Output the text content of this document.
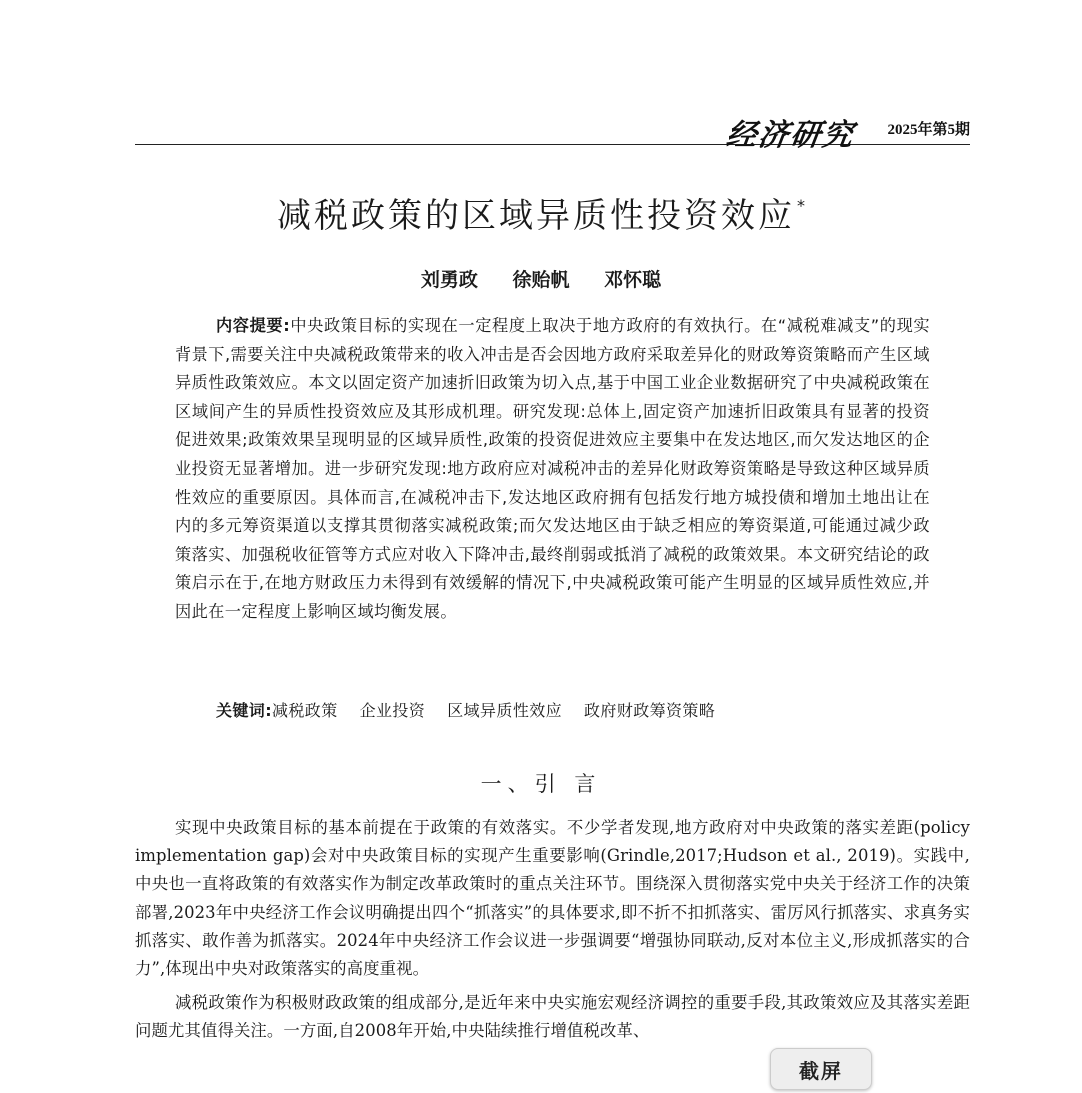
经济研究 2025年第5期
减税政策的区域异质性投资效应 *
刘勇政 徐贻帆 邓怀聪

内容提要:中央政策目标的实现在一定程度上取决于地方政府的有效执行。在“减税难减支”的现实背景下,需要关注中央减税政策带来的收入冲击是否会因地方政府采取差异化的财政筹资策略而产生区域异质性政策效应。本文以固定资产加速折旧政策为切入点,基于中国工业企业数据研究了中央减税政策在区域间产生的异质性投资效应及其形成机理。研究发现:总体上,固定资产加速折旧政策具有显著的投资促进效果;政策效果呈现明显的区域异质性,政策的投资促进效应主要集中在发达地区,而欠发达地区的企业投资无显著增加。进一步研究发现:地方政府应对减税冲击的差异化财政筹资策略是导致这种区域异质性效应的重要原因。具体而言,在减税冲击下,发达地区政府拥有包括发行地方城投债和增加土地出让在内的多元筹资渠道以支撑其贯彻落实减税政策;而欠发达地区由于缺乏相应的筹资渠道,可能通过减少政策落实、加强税收征管等方式应对收入下降冲击,最终削弱或抵消了减税的政策效果。本文研究结论的政策启示在于,在地方财政压力未得到有效缓解的情况下,中央减税政策可能产生明显的区域异质性效应,并因此在一定程度上影响区域均衡发展。

关键词:减税政策 企业投资 区域异质性效应 政府财政筹资策略
一、引 言

实现中央政策目标的基本前提在于政策的有效落实。不少学者发现,地方政府对中央政策的落实差距(policy implementation gap)会对中央政策目标的实现产生重要影响(Grindle,2017;Hudson et al., 2019)。实践中,中央也一直将政策的有效落实作为制定改革政策时的重点关注环节。围绕深入贯彻落实党中央关于经济工作的决策部署,2023年中央经济工作会议明确提出四个“抓落实”的具体要求,即不折不扣抓落实、雷厉风行抓落实、求真务实抓落实、敢作善为抓落实。2024年中央经济工作会议进一步强调要“增强协同联动,反对本位主义,形成抓落实的合力”,体现出中央对政策落实的高度重视。

减税政策作为积极财政政策的组成部分,是近年来中央实施宏观经济调控的重要手段,其政策效应及其落实差距问题尤其值得关注。一方面,自2008年开始,中央陆续推行增值税改革、

截屏
